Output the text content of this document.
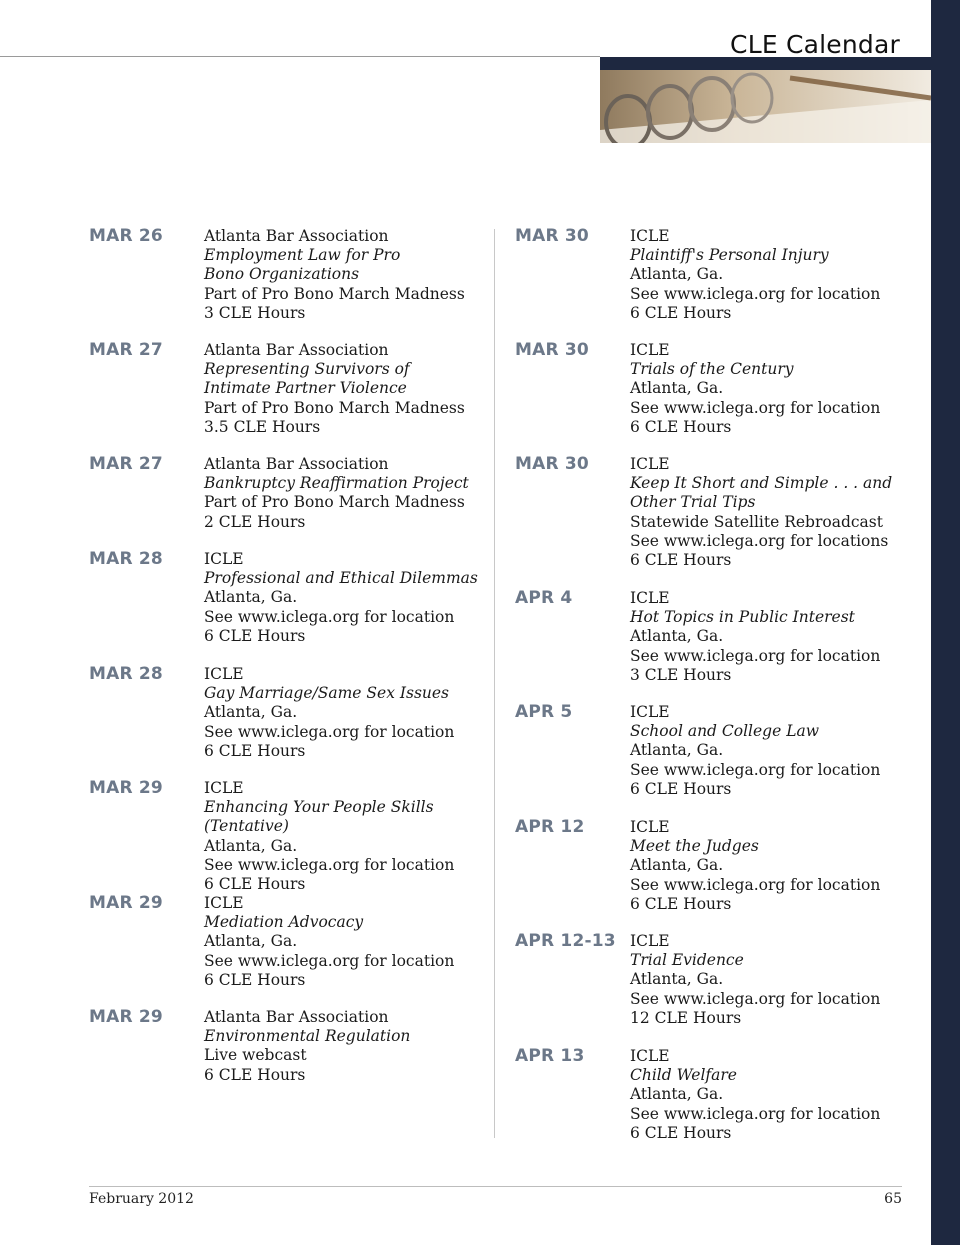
CLE Calendar
MAR 26	Atlanta Bar Association
Employment Law for Pro Bono Organizations
Part of Pro Bono March Madness
3 CLE Hours
MAR 27	Atlanta Bar Association
Representing Survivors of Intimate Partner Violence
Part of Pro Bono March Madness
3.5 CLE Hours
MAR 27	Atlanta Bar Association
Bankruptcy Reaffirmation Project
Part of Pro Bono March Madness
2 CLE Hours
MAR 28	ICLE
Professional and Ethical Dilemmas
Atlanta, Ga.
See www.iclega.org for location
6 CLE Hours
MAR 28	ICLE
Gay Marriage/Same Sex Issues
Atlanta, Ga.
See www.iclega.org for location
6 CLE Hours
MAR 29	ICLE
Enhancing Your People Skills (Tentative)
Atlanta, Ga.
See www.iclega.org for location
6 CLE Hours
MAR 29	ICLE
Mediation Advocacy
Atlanta, Ga.
See www.iclega.org for location
6 CLE Hours
MAR 29	Atlanta Bar Association
Environmental Regulation
Live webcast
6 CLE Hours
MAR 30	ICLE
Plaintiff's Personal Injury
Atlanta, Ga.
See www.iclega.org for location
6 CLE Hours
MAR 30	ICLE
Trials of the Century
Atlanta, Ga.
See www.iclega.org for location
6 CLE Hours
MAR 30	ICLE
Keep It Short and Simple . . . and Other Trial Tips
Statewide Satellite Rebroadcast
See www.iclega.org for locations
6 CLE Hours
APR 4	ICLE
Hot Topics in Public Interest
Atlanta, Ga.
See www.iclega.org for location
3 CLE Hours
APR 5	ICLE
School and College Law
Atlanta, Ga.
See www.iclega.org for location
6 CLE Hours
APR 12	ICLE
Meet the Judges
Atlanta, Ga.
See www.iclega.org for location
6 CLE Hours
APR 12-13 ICLE
Trial Evidence
Atlanta, Ga.
See www.iclega.org for location
12 CLE Hours
APR 13	ICLE
Child Welfare
Atlanta, Ga.
See www.iclega.org for location
6 CLE Hours
February 2012	65
